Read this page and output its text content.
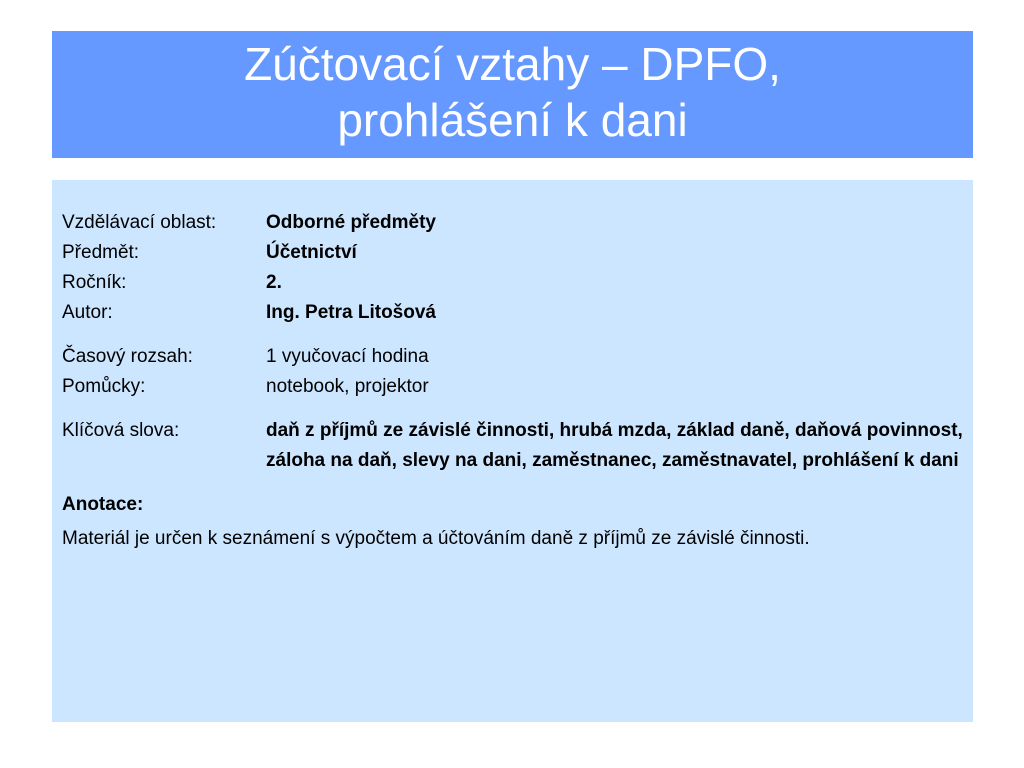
Zúčtovací vztahy – DPFO,
prohlášení k dani
Vzdělávací oblast:	Odborné předměty
Předmět:	Účetnictví
Ročník:	2.
Autor:	Ing. Petra Litošová

Časový rozsah:	1 vyučovací hodina
Pomůcky:	notebook, projektor

Klíčová slova:	daň z příjmů ze závislé činnosti, hrubá mzda, základ daně, daňová povinnost, záloha na daň, slevy na dani, zaměstnanec, zaměstnavatel, prohlášení k dani
Anotace:
Materiál je určen k seznámení s výpočtem a účtováním daně z příjmů ze závislé činnosti.
